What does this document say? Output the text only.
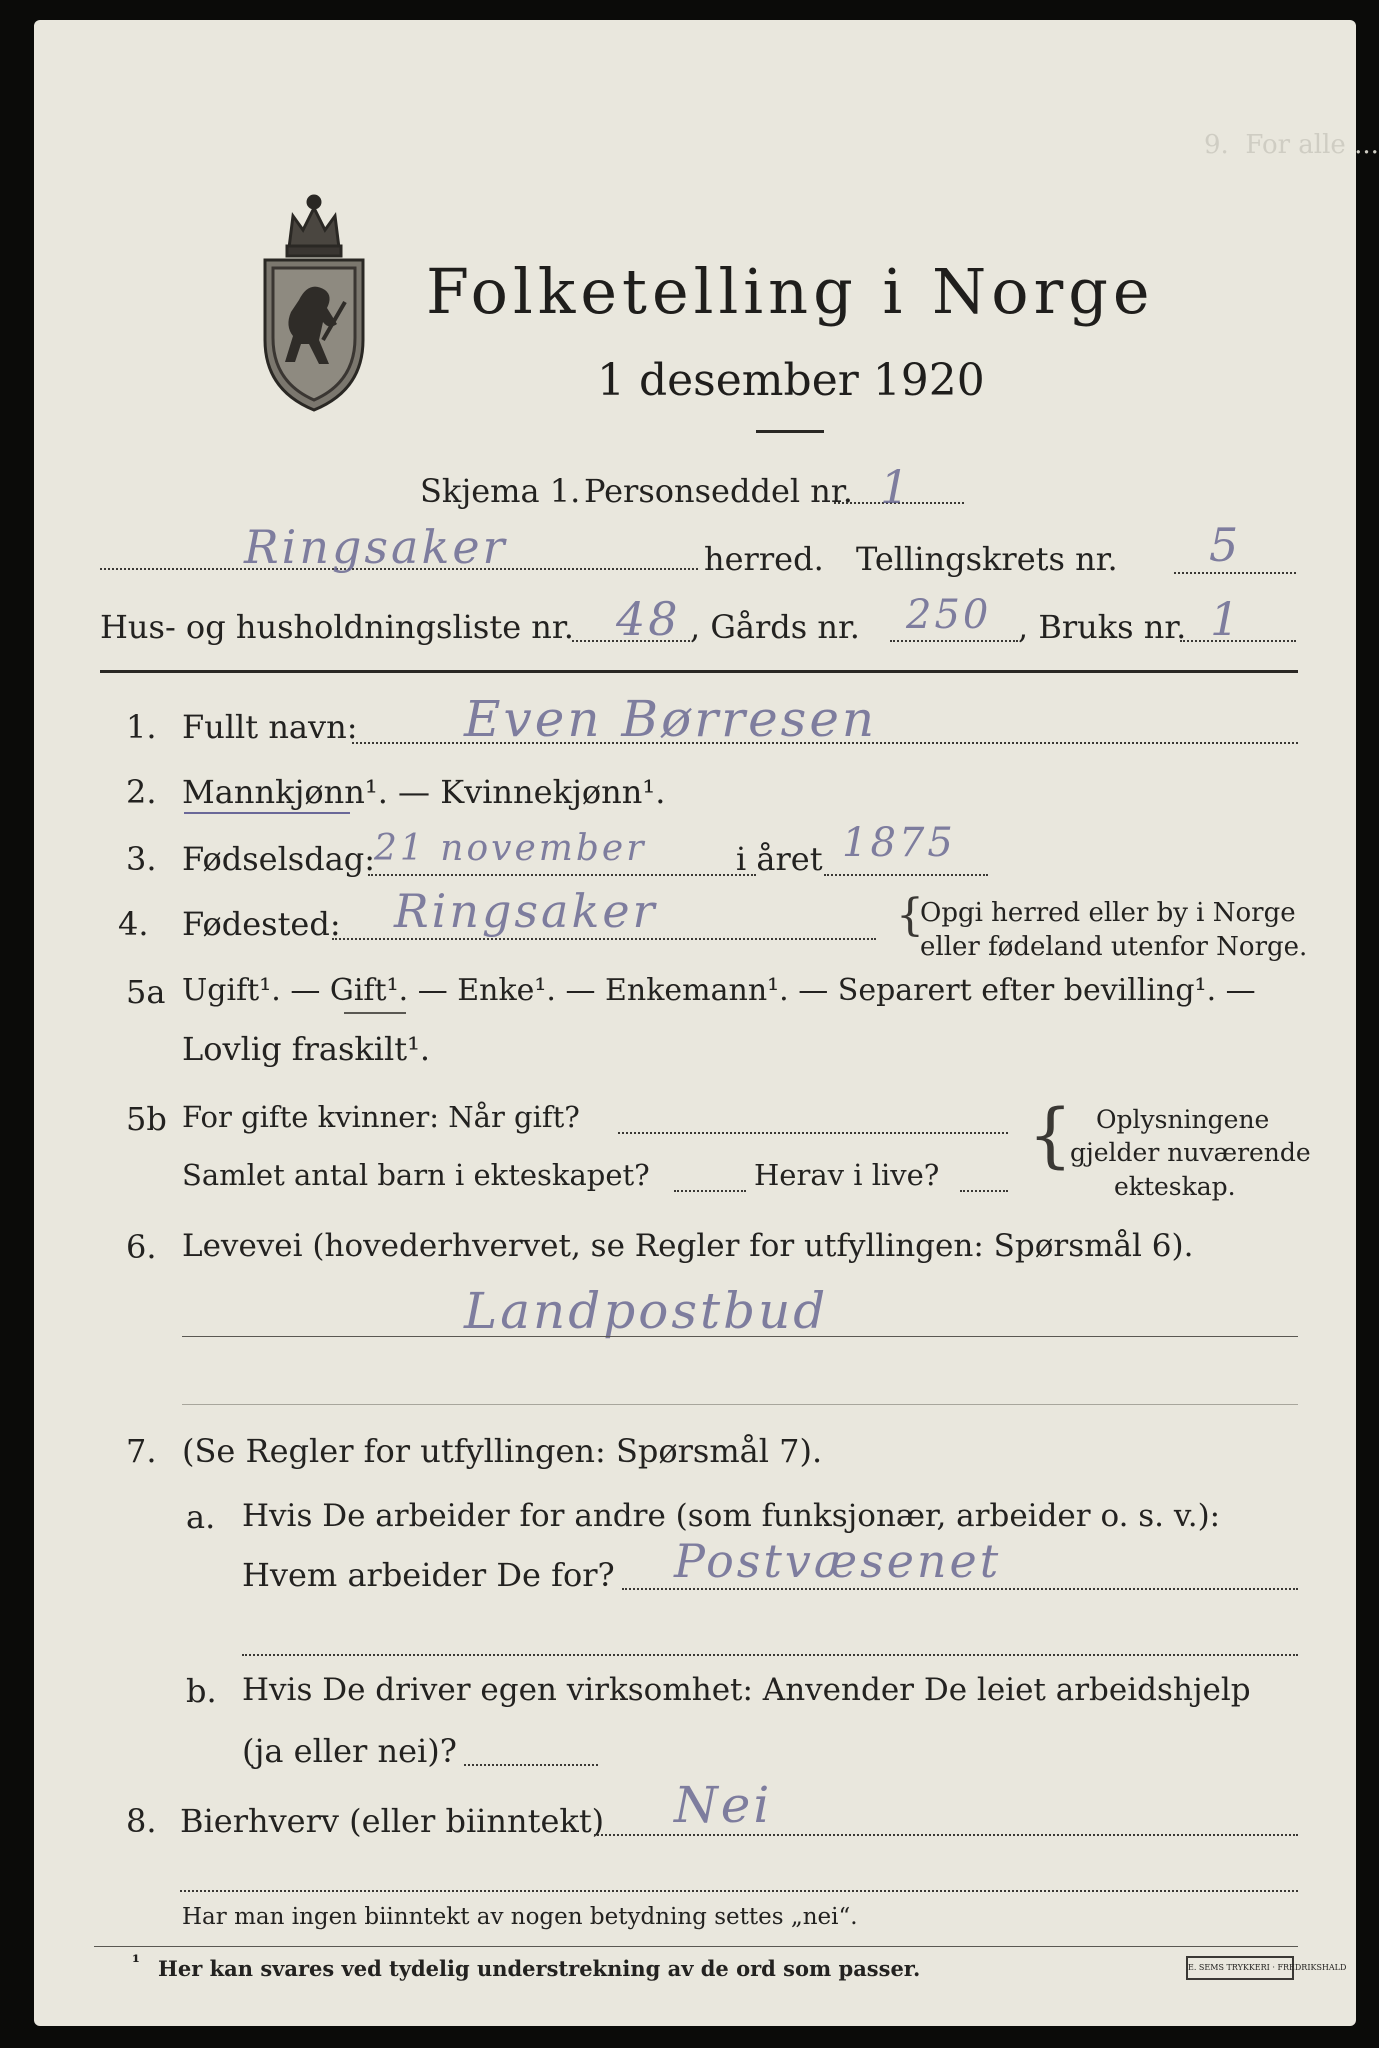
9.  For alle ...
Folketelling i Norge
1 desember 1920
Skjema 1. Personseddel nr. 1
Ringsaker	herred. Tellingskrets nr. 5
Hus- og husholdningsliste nr. 48 , Gårds nr. 250 , Bruks nr. 1
1. Fullt navn: Even Børresen
2. Mannkjønn¹. — Kvinnekjønn¹.
3. Fødselsdag:
21 november	i året 1875
4. Fødested: Ringsaker	{
Opgi herred eller by i Norge
eller fødeland utenfor Norge.
5a Ugift¹. — Gift¹. — Enke¹. — Enkemann¹. — Separert efter bevilling¹. —
Lovlig fraskilt¹.
5b For gifte kvinner: Når gift?
Samlet antal barn i ekteskapet?	Herav i live? { Oplysningene
gjelder nuværende
ekteskap.
6. Levevei (hovederhvervet, se Regler for utfyllingen: Spørsmål 6).
Landpostbud
7. (Se Regler for utfyllingen: Spørsmål 7).
a. Hvis De arbeider for andre (som funksjonær, arbeider o. s. v.):
Hvem arbeider De for? Postvæsenet
b. Hvis De driver egen virksomhet: Anvender De leiet arbeidshjelp
(ja eller nei)?
8. Bierhverv (eller biinntekt) Nei
Har man ingen biinntekt av nogen betydning settes „nei“.
¹ Her kan svares ved tydelig understrekning av de ord som passer.	E. SEMS TRYKKERI · FREDRIKSHALD
